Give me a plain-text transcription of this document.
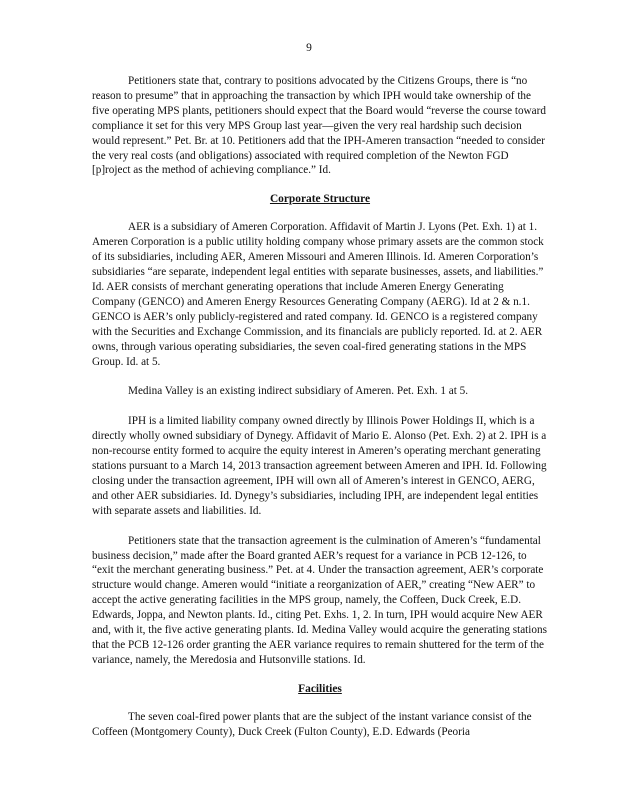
9

Petitioners state that, contrary to positions advocated by the Citizens Groups, there is “no reason to presume” that in approaching the transaction by which IPH would take ownership of the five operating MPS plants, petitioners should expect that the Board would “reverse the course toward compliance it set for this very MPS Group last year—given the very real hardship such decision would represent.” Pet. Br. at 10. Petitioners add that the IPH-Ameren transaction “needed to consider the very real costs (and obligations) associated with required completion of the Newton FGD [p]roject as the method of achieving compliance.” Id.

Corporate Structure

AER is a subsidiary of Ameren Corporation. Affidavit of Martin J. Lyons (Pet. Exh. 1) at 1. Ameren Corporation is a public utility holding company whose primary assets are the common stock of its subsidiaries, including AER, Ameren Missouri and Ameren Illinois. Id. Ameren Corporation’s subsidiaries “are separate, independent legal entities with separate businesses, assets, and liabilities.” Id. AER consists of merchant generating operations that include Ameren Energy Generating Company (GENCO) and Ameren Energy Resources Generating Company (AERG). Id at 2 & n.1. GENCO is AER’s only publicly-registered and rated company. Id. GENCO is a registered company with the Securities and Exchange Commission, and its financials are publicly reported. Id. at 2. AER owns, through various operating subsidiaries, the seven coal-fired generating stations in the MPS Group. Id. at 5.

Medina Valley is an existing indirect subsidiary of Ameren. Pet. Exh. 1 at 5.

IPH is a limited liability company owned directly by Illinois Power Holdings II, which is a directly wholly owned subsidiary of Dynegy. Affidavit of Mario E. Alonso (Pet. Exh. 2) at 2. IPH is a non-recourse entity formed to acquire the equity interest in Ameren’s operating merchant generating stations pursuant to a March 14, 2013 transaction agreement between Ameren and IPH. Id. Following closing under the transaction agreement, IPH will own all of Ameren’s interest in GENCO, AERG, and other AER subsidiaries. Id. Dynegy’s subsidiaries, including IPH, are independent legal entities with separate assets and liabilities. Id.

Petitioners state that the transaction agreement is the culmination of Ameren’s “fundamental business decision,” made after the Board granted AER’s request for a variance in PCB 12-126, to “exit the merchant generating business.” Pet. at 4. Under the transaction agreement, AER’s corporate structure would change. Ameren would “initiate a reorganization of AER,” creating “New AER” to accept the active generating facilities in the MPS group, namely, the Coffeen, Duck Creek, E.D. Edwards, Joppa, and Newton plants. Id., citing Pet. Exhs. 1, 2. In turn, IPH would acquire New AER and, with it, the five active generating plants. Id. Medina Valley would acquire the generating stations that the PCB 12-126 order granting the AER variance requires to remain shuttered for the term of the variance, namely, the Meredosia and Hutsonville stations. Id.

Facilities

The seven coal-fired power plants that are the subject of the instant variance consist of the Coffeen (Montgomery County), Duck Creek (Fulton County), E.D. Edwards (Peoria
